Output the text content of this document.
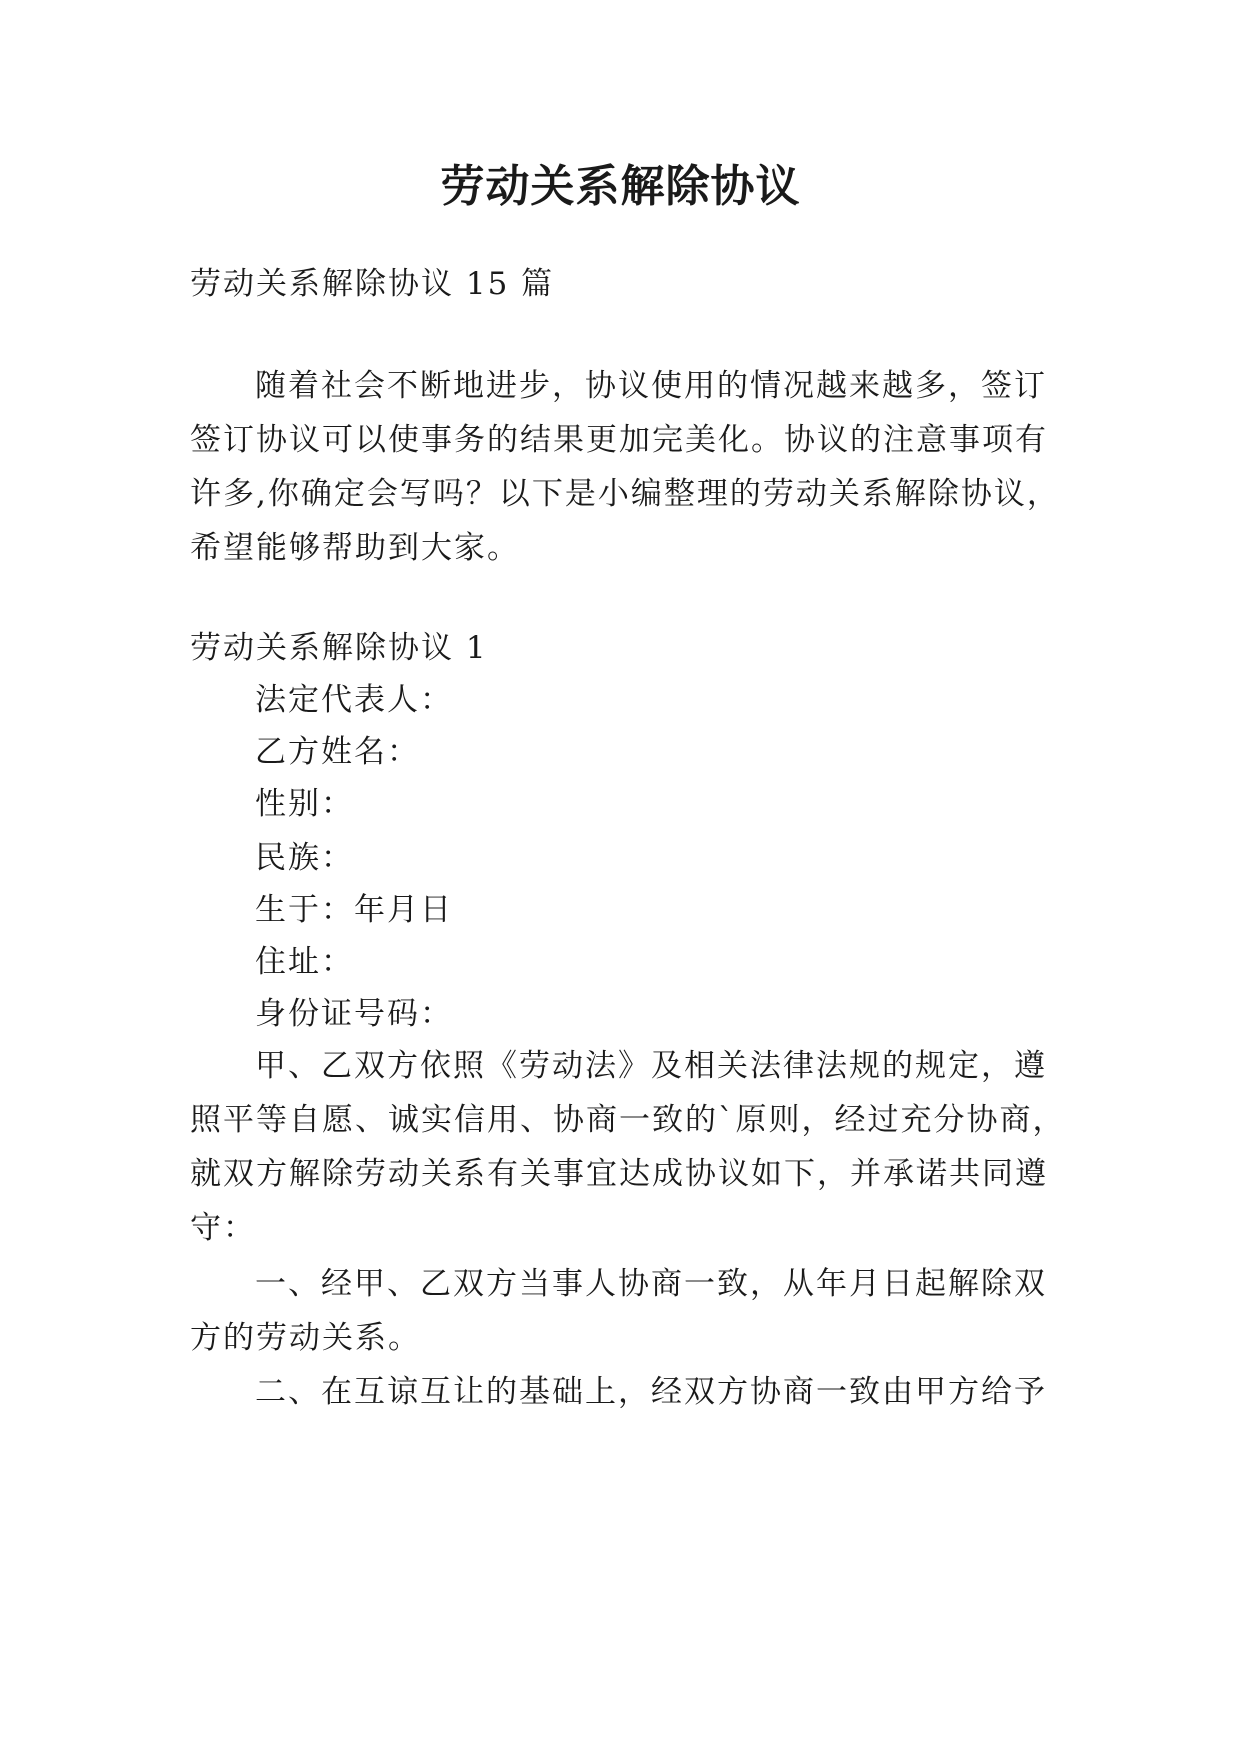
劳动关系解除协议
劳动关系解除协议 15 篇
随着社会不断地进步，协议使用的情况越来越多，签订
签订协议可以使事务的结果更加完美化。协议的注意事项有
许多,你确定会写吗？以下是小编整理的劳动关系解除协议，
希望能够帮助到大家。
劳动关系解除协议 1
法定代表人：
乙方姓名：
性别：
民族：
生于：年月日
住址：
身份证号码：
甲、乙双方依照《劳动法》及相关法律法规的规定，遵
照平等自愿、诚实信用、协商一致的`原则，经过充分协商，
就双方解除劳动关系有关事宜达成协议如下，并承诺共同遵
守：
一、经甲、乙双方当事人协商一致，从年月日起解除双
方的劳动关系。
二、在互谅互让的基础上，经双方协商一致由甲方给予
